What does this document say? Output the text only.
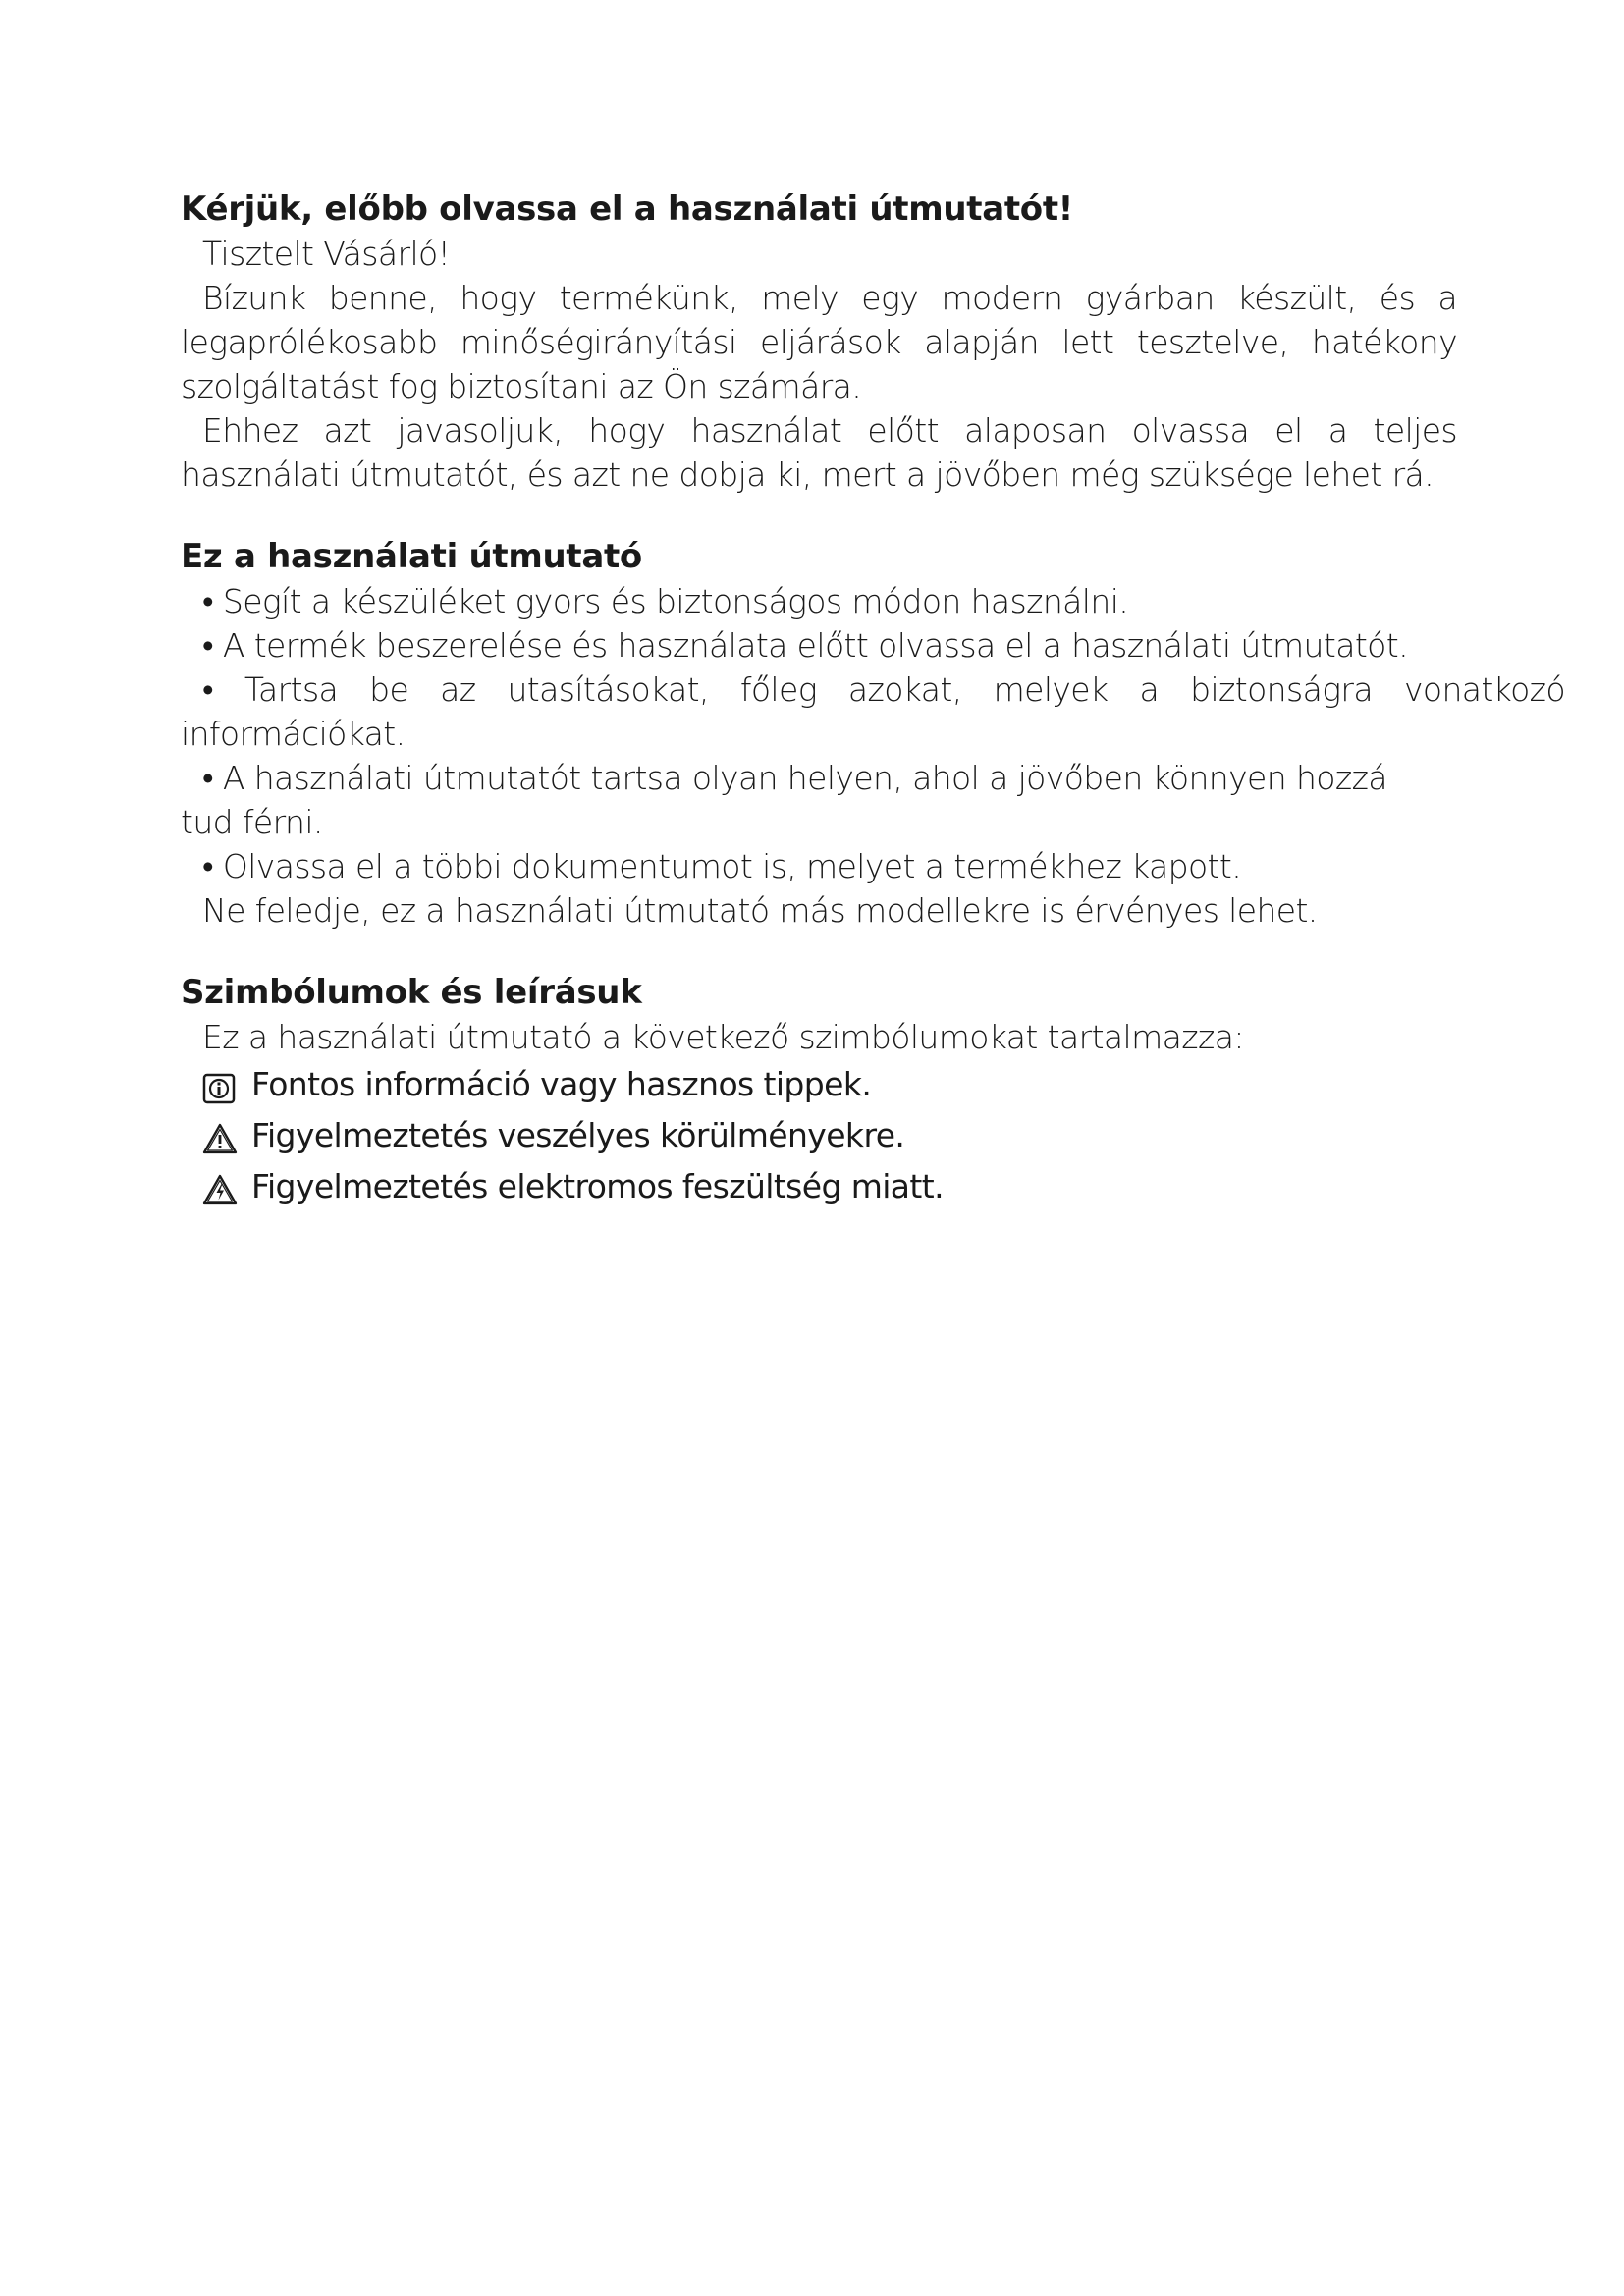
Kérjük, előbb olvassa el a használati útmutatót!

Tisztelt Vásárló!

Bízunk benne, hogy termékünk, mely egy modern gyárban készült, és a legaprólékosabb minőségirányítási eljárások alapján lett tesztelve, hatékony szolgáltatást fog biztosítani az Ön számára.

Ehhez azt javasoljuk, hogy használat előtt alaposan olvassa el a teljes használati útmutatót, és azt ne dobja ki, mert a jövőben még szüksége lehet rá.

Ez a használati útmutató

• Segít a készüléket gyors és biztonságos módon használni.

• A termék beszerelése és használata előtt olvassa el a használati útmutatót.

• Tartsa be az utasításokat, főleg azokat, melyek a biztonságra vonatkozó információkat.

• A használati útmutatót tartsa olyan helyen, ahol a jövőben könnyen hozzá tud férni.

• Olvassa el a többi dokumentumot is, melyet a termékhez kapott.

Ne feledje, ez a használati útmutató más modellekre is érvényes lehet.

Szimbólumok és leírásuk

Ez a használati útmutató a következő szimbólumokat tartalmazza:

Fontos információ vagy hasznos tippek.
Figyelmeztetés veszélyes körülményekre.
Figyelmeztetés elektromos feszültség miatt.
